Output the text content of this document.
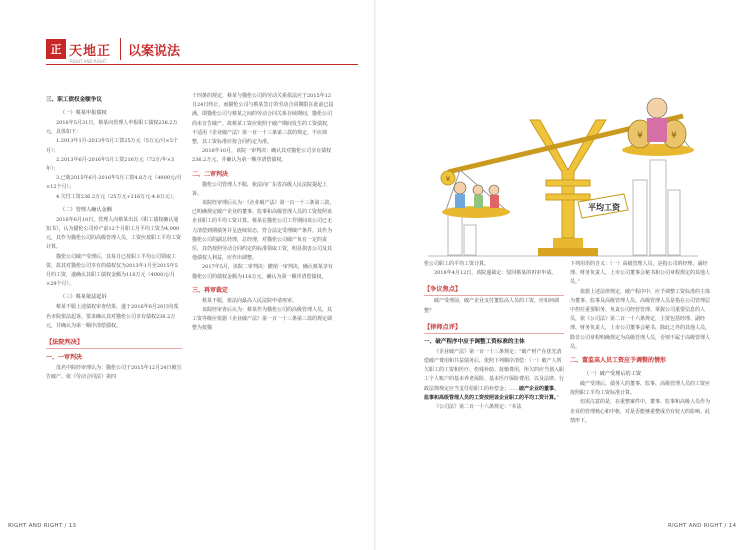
正 天地正
RIGHT AND RIGHT
以案说法
三、职工债权金额争议
（一）蔡某申报债权

2016年5月31日，蔡某向管理人申报职工债权236.2万元，具体如下：

1.2013年1月-2013年5月工资25万元（5万元/月×5个月）；

2.2013年6月-2016年5月工资216万元（72万/年×3年）；

3.已收2015年6月-2016年5月工资4.8万元（4000元/月×12个月）；

4.欠付工资236.2万元（25万元+216万元-4.8万元）。

（二）管理人确认金额

2016年6月10日，管理人向蔡某出具《职工债权确认通知书》，认为猫伦公司停产前12个月职工月平均工资为4,000元，其作为猫伦公司的高级管理人员，工资应按职工平均工资计算。

猫伦公司破产受理后，其每月已按职工平均公司领取工资，故其对猫伦公司享有的债权仅为2013年1月至2015年5月的工资，遂确认其职工债权金额为116万元（4000元/月×29个月）。

（三）蔡某依法起诉

蔡某不服上述债权审查结果，遂于2016年6月20日向茂名市院依法起诉，要求确认其对猫伦公司享有债权236.2万元，并确认为第一顺序清偿债权。

【法院判决】
一、一审判决

茂名中院经审理认为：猫伦公司于2015年12月24日被宣告破产。依《劳动合同法》第四

十四条的规定，蔡某与猫伦公司的劳动关系依法应于2015年12月24日终止，而猫伦公司与蔡某签订的劳动合同期限在此前已届满，即猫伦公司与蔡某之间的劳动合同关系存续期间，猫伦公司尚未宣告破产，故蔡某工资应依照于破产期间发生的工资债权，不适用《企业破产法》第一百一十三条第三款的规定，不应调整，其工资标准应按合同约定为准。

2016年10月，该院一审判决：确认其对猫伦公司享有债权236.2万元，并确认为第一顺序清偿债权。

二、二审判决

猫伦公司管理人不服，依法向广东省高级人民法院提起上诉。

该院经审理后认为：《企业破产法》第一百一十三条第三款，已明确规定破产企业的董事、监事和高级管理人员的工资按照该企业职工的平均工资计算。蔡某在猫伦公司工作期间该公司已无力清偿到期债务并呈连续状态，符合法定受理破产条件，其作为猫伦公司的副总经理，总经理，对猫伦公司破产负有一定的责任，其仍按照劳动合同约定的标准领取工资，明显损害公司及其他债权人利益，应作出调整。

2017年5月，该院二审判决：撤销一审判决，确认蔡某享有猫伦公司的债权金额为116万元，确认为第一顺序清偿债权。

三、再审裁定

蔡某不服，依法向最高人民法院申请再审。

该院经审查后认为：蔡某作为猫伦公司的高级管理人员，其工资等级应依据《企业破产法》第一百一十三条第三款的规定调整为按猫

RIGHT AND RIGHT / 13

伦公司职工的平均工资计算。

2018年4月12日，该院遂裁定：驳回蔡某的再审申请。

【争议焦点】

破产受理前，破产企业支付董监高人员的工资，应如何调整？

【律师点评】
一、破产程序中应予调整工资标准的主体

《企业破产法》第一百一十三条规定：“破产财产在优先清偿破产费用和共益债务后，依照下列顺序清偿：（一）破产人所欠职工的工资和医疗、伤残补助、抚恤费用，所欠的应当划入职工个人账户的基本养老保险、基本医疗保险费用，以及法律、行政法规规定应当支付给职工的补偿金；……破产企业的董事、监事和高级管理人员的工资按照该企业职工的平均工资计算。”

《公司法》第二百一十六条规定：“本法

下列用语的含义：（一）高级管理人员，是指公司的经理、副经理、财务负责人，上市公司董事会秘书和公司章程规定的其他人员。”

依据上述法律规定，破产程序中，应予调整工资标准的主体为董事、监事及高级管理人员。高级管理人员是指在公司管理层中担任重要职务、负责公司经营管理、掌握公司重要信息的人员，依《公司法》第二百一十六条规定，主要包括经理、副经理、财务负责人，上市公司董事会秘书，除此之外的其他人员，除非公司章程明确规定为高级管理人员，否则不属于高级管理人员。

二、董监高人员工资应予调整的情形
（一）破产受理后的工资

破产受理后，债务人的董事、监事、高级管理人员的工资应按照职工平均工资标准计算。

但需注意的是，在重整案件中，董事、监事和高级人员作为企业的管理核心和中枢，对是否能够重整成功有较大的影响。此情形下，

RIGHT AND RIGHT / 14
¥	¥
¥
平均工资
